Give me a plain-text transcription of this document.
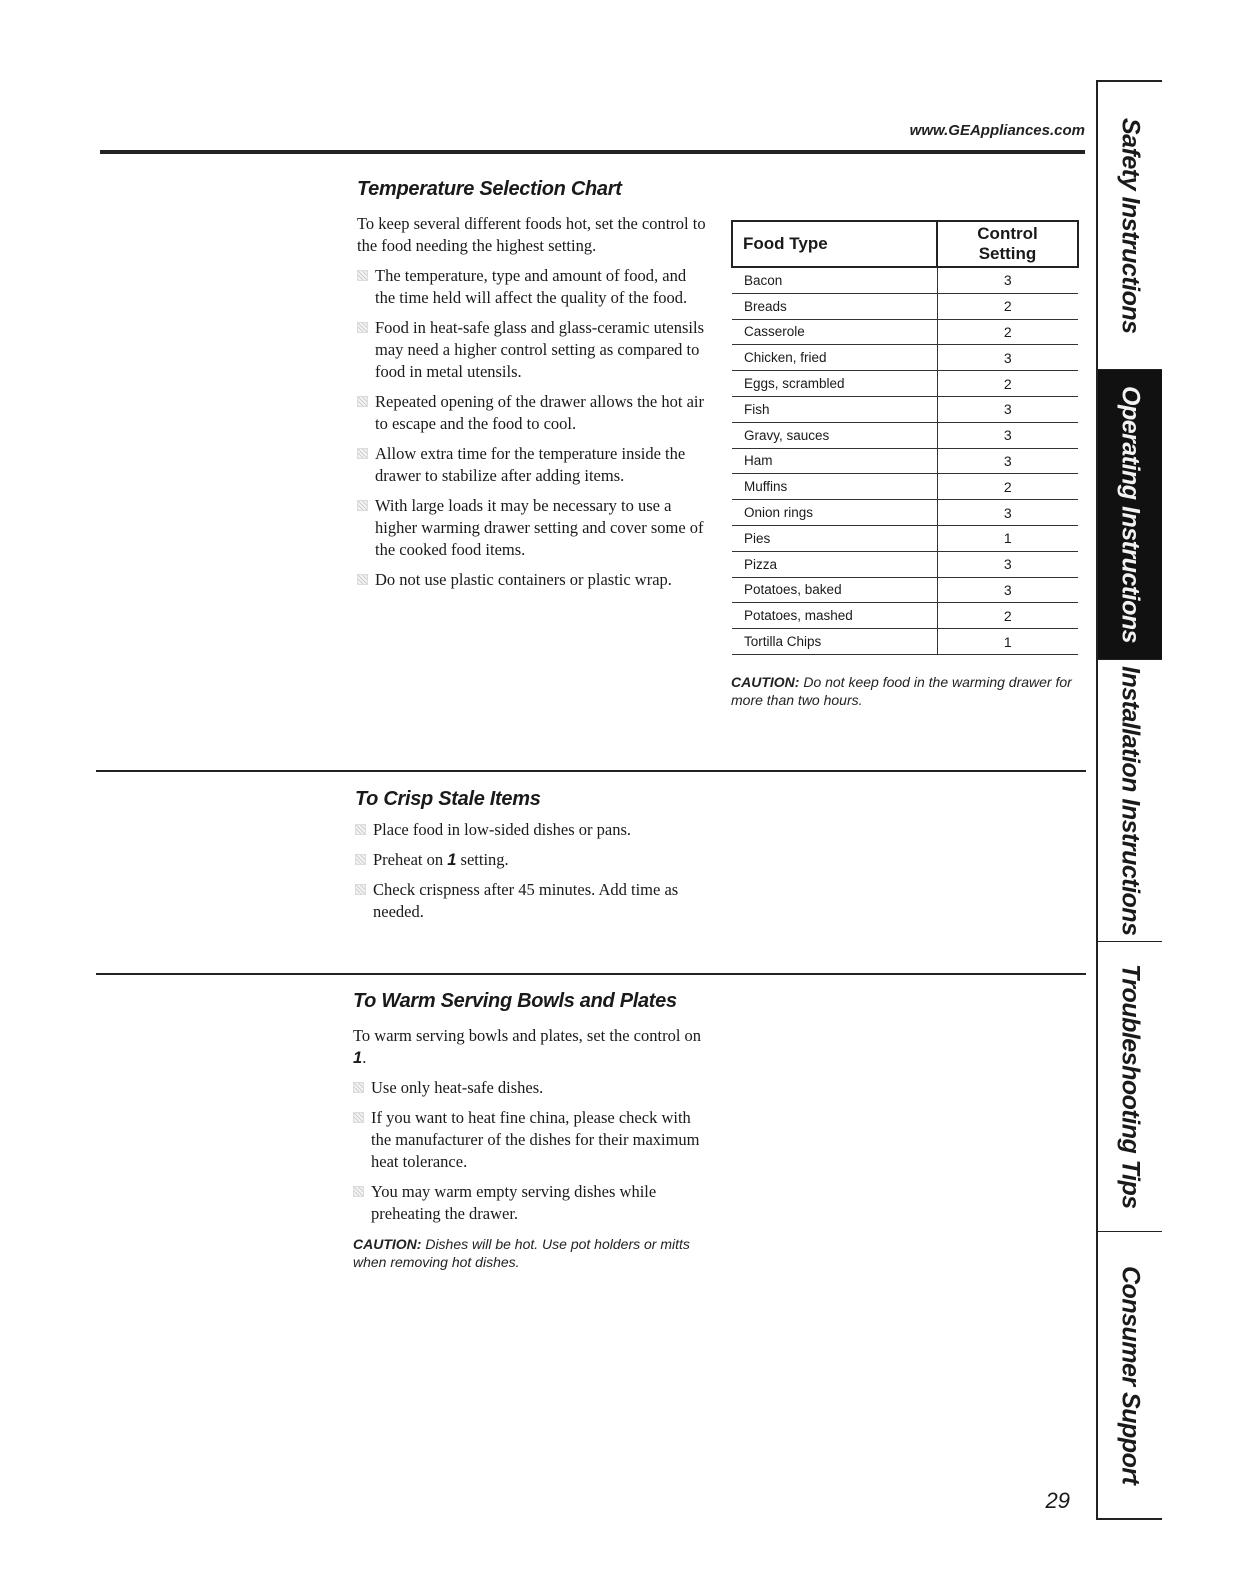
www.GEAppliances.com
Temperature Selection Chart

To keep several different foods hot, set the control to the food needing the highest setting.

The temperature, type and amount of food, and the time held will affect the quality of the food.
Food in heat-safe glass and glass-ceramic utensils may need a higher control setting as compared to food in metal utensils.
Repeated opening of the drawer allows the hot air to escape and the food to cool.
Allow extra time for the temperature inside the drawer to stabilize after adding items.
With large loads it may be necessary to use a higher warming drawer setting and cover some of the cooked food items.
Do not use plastic containers or plastic wrap.
Food Type	Control Setting
Bacon	3
Breads	2
Casserole	2
Chicken, fried	3
Eggs, scrambled	2
Fish	3
Gravy, sauces	3
Ham	3
Muffins	2
Onion rings	3
Pies	1
Pizza	3
Potatoes, baked	3
Potatoes, mashed	2
Tortilla Chips	1
CAUTION: Do not keep food in the warming drawer for more than two hours.
To Crisp Stale Items
Place food in low-sided dishes or pans.
Preheat on 1 setting.
Check crispness after 45 minutes. Add time as needed.
To Warm Serving Bowls and Plates

To warm serving bowls and plates, set the control on 1.

Use only heat-safe dishes.
If you want to heat fine china, please check with the manufacturer of the dishes for their maximum heat tolerance.
You may warm empty serving dishes while preheating the drawer.
CAUTION: Dishes will be hot. Use pot holders or mitts when removing hot dishes.
Safety Instructions
Operating Instructions
Installation Instructions
Troubleshooting Tips
Consumer Support
29
